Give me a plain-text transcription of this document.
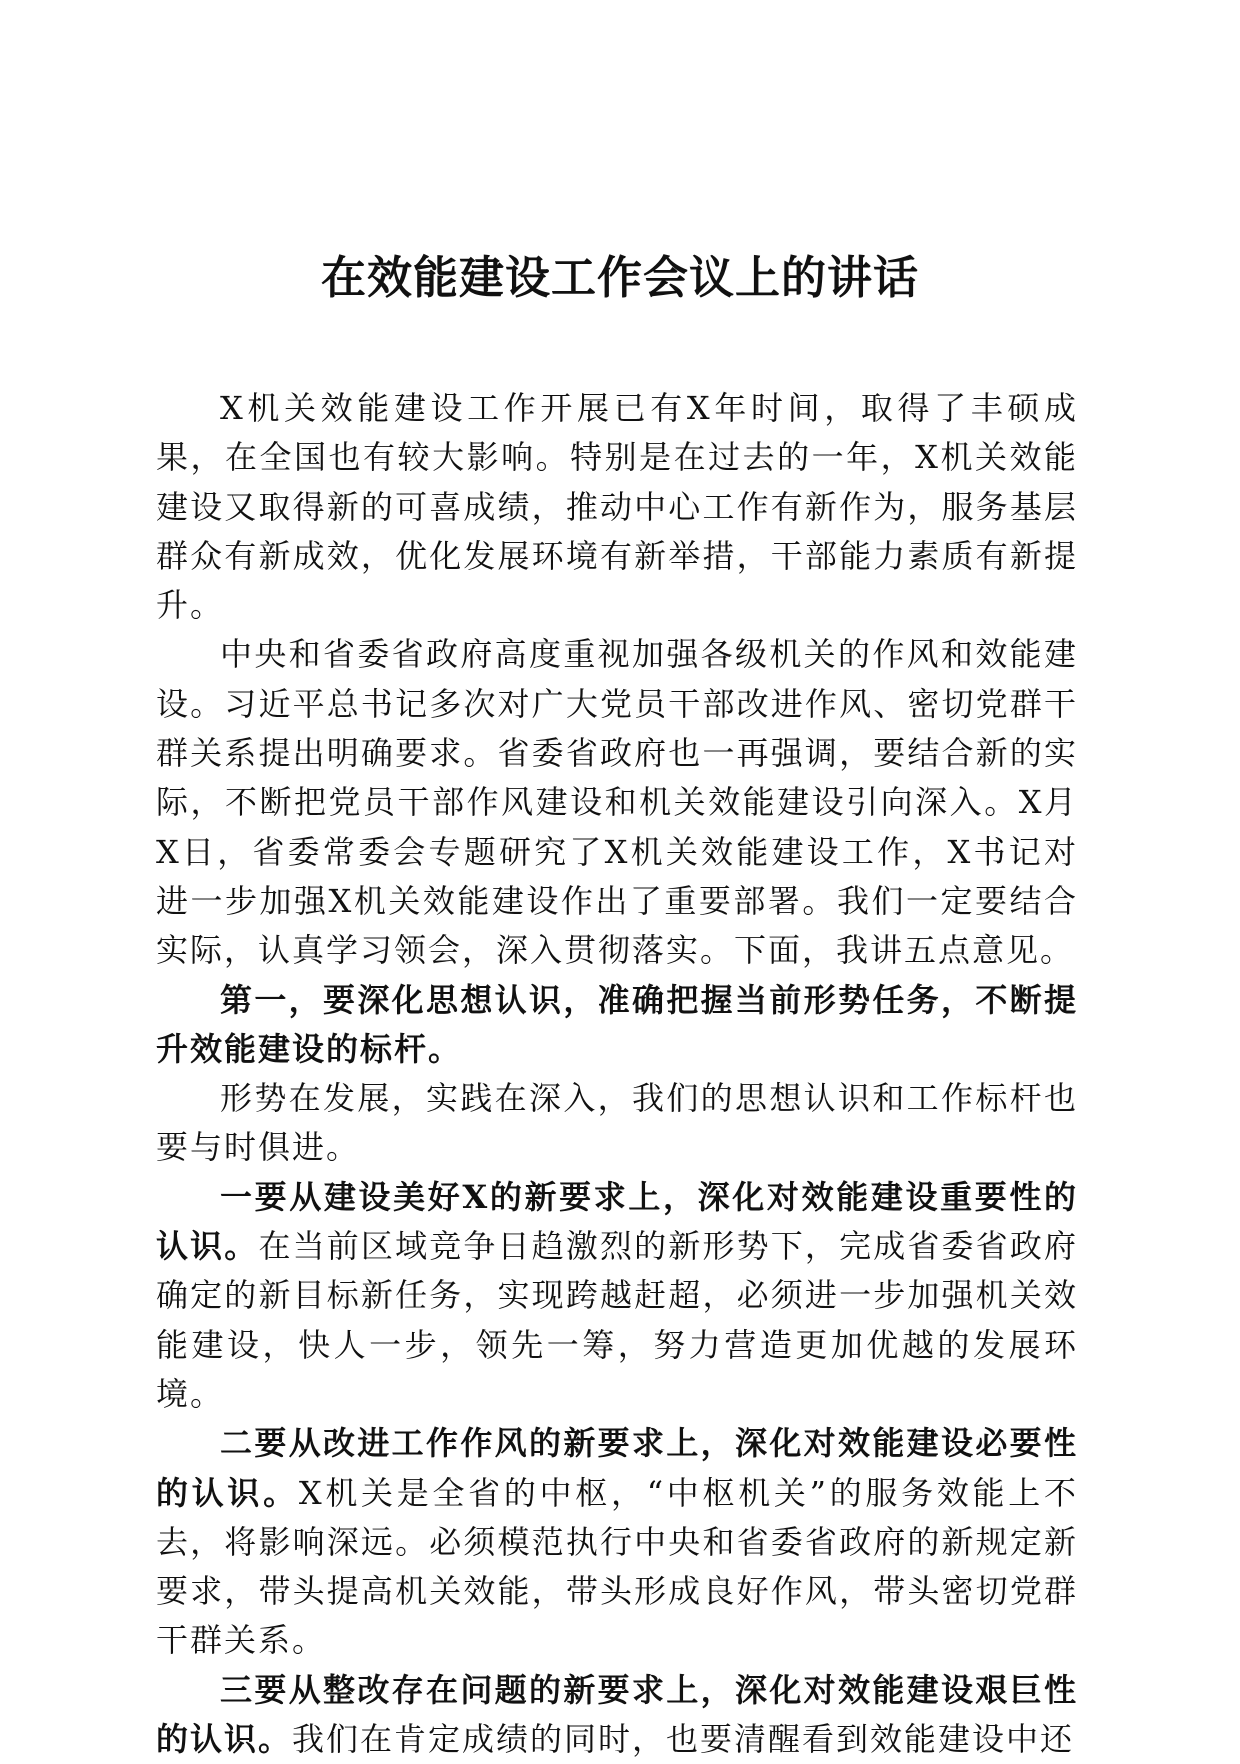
在效能建设工作会议上的讲话

X机关效能建设工作开展已有X年时间，取得了丰硕成果，在全国也有较大影响。特别是在过去的一年，X机关效能建设又取得新的可喜成绩，推动中心工作有新作为，服务基层群众有新成效，优化发展环境有新举措，干部能力素质有新提升。

中央和省委省政府高度重视加强各级机关的作风和效能建设。习近平总书记多次对广大党员干部改进作风、密切党群干群关系提出明确要求。省委省政府也一再强调，要结合新的实际，不断把党员干部作风建设和机关效能建设引向深入。X月X日，省委常委会专题研究了X机关效能建设工作，X书记对进一步加强X机关效能建设作出了重要部署。我们一定要结合实际，认真学习领会，深入贯彻落实。下面，我讲五点意见。

第一，要深化思想认识，准确把握当前形势任务，不断提升效能建设的标杆。

形势在发展，实践在深入，我们的思想认识和工作标杆也要与时俱进。

一要从建设美好X的新要求上，深化对效能建设重要性的认识。在当前区域竞争日趋激烈的新形势下，完成省委省政府确定的新目标新任务，实现跨越赶超，必须进一步加强机关效能建设，快人一步，领先一筹，努力营造更加优越的发展环境。

二要从改进工作作风的新要求上，深化对效能建设必要性的认识。X机关是全省的中枢，“中枢机关”的服务效能上不去，将影响深远。必须模范执行中央和省委省政府的新规定新要求，带头提高机关效能，带头形成良好作风，带头密切党群干群关系。

三要从整改存在问题的新要求上，深化对效能建设艰巨性的认识。我们在肯定成绩的同时，也要清醒看到效能建设中还
